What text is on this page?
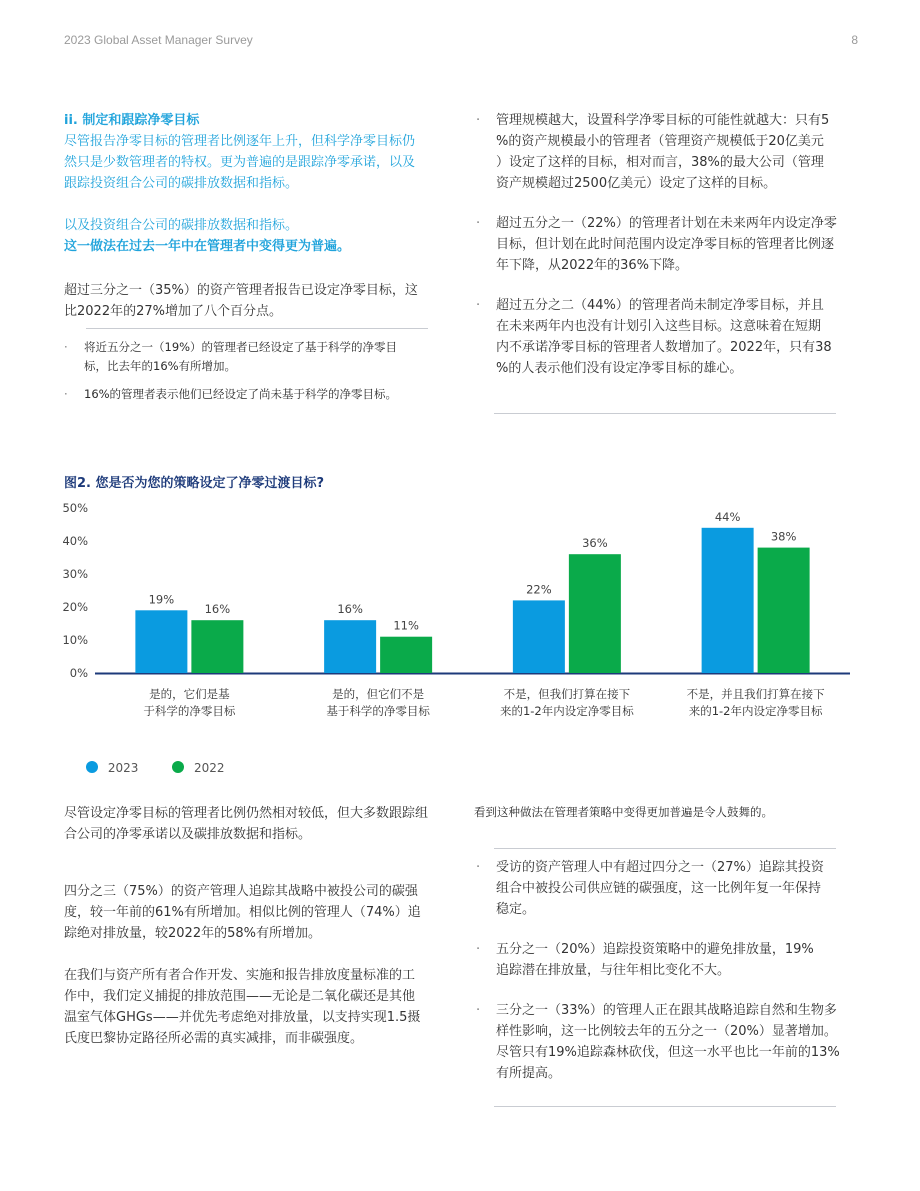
2023 Global Asset Manager Survey	8

ii. 制定和跟踪净零目标

尽管报告净零目标的管理者比例逐年上升，但科学净零目标仍

然只是少数管理者的特权。更为普遍的是跟踪净零承诺，以及

跟踪投资组合公司的碳排放数据和指标。

以及投资组合公司的碳排放数据和指标。

这一做法在过去一年中在管理者中变得更为普遍。

超过三分之一（35%）的资产管理者报告已设定净零目标，这

比2022年的27%增加了八个百分点。

· 将近五分之一（19%）的管理者已经设定了基于科学的净零目
标，比去年的16%有所增加。
· 16%的管理者表示他们已经设定了尚未基于科学的净零目标。
· 管理规模越大，设置科学净零目标的可能性就越大：只有5

%的资产规模最小的管理者（管理资产规模低于20亿美元

）设定了这样的目标，相对而言，38%的最大公司（管理

资产规模超过2500亿美元）设定了这样的目标。

· 超过五分之一（22%）的管理者计划在未来两年内设定净零

目标，但计划在此时间范围内设定净零目标的管理者比例逐

年下降，从2022年的36%下降。

· 超过五分之二（44%）的管理者尚未制定净零目标，并且

在未来两年内也没有计划引入这些目标。这意味着在短期

内不承诺净零目标的管理者人数增加了。2022年，只有38

%的人表示他们没有设定净零目标的雄心。

图2. 您是否为您的策略设定了净零过渡目标?
0%
10%
20%
30%
40%
50%
19%
16%
是的，它们是基
于科学的净零目标
16%
11%
是的，但它们不是
基于科学的净零目标
22%
36%
不是，但我们打算在接下
来的1-2年内设定净零目标
44%
38%
不是，并且我们打算在接下
来的1-2年内设定净零目标
2023	2022

尽管设定净零目标的管理者比例仍然相对较低，但大多数跟踪组

合公司的净零承诺以及碳排放数据和指标。

四分之三（75%）的资产管理人追踪其战略中被投公司的碳强

度，较一年前的61%有所增加。相似比例的管理人（74%）追

踪绝对排放量，较2022年的58%有所增加。

在我们与资产所有者合作开发、实施和报告排放度量标准的工

作中，我们定义捕捉的排放范围——无论是二氧化碳还是其他

温室气体GHGs——并优先考虑绝对排放量，以支持实现1.5摄

氏度巴黎协定路径所必需的真实减排，而非碳强度。

看到这种做法在管理者策略中变得更加普遍是令人鼓舞的。
· 受访的资产管理人中有超过四分之一（27%）追踪其投资

组合中被投公司供应链的碳强度，这一比例年复一年保持

稳定。

· 五分之一（20%）追踪投资策略中的避免排放量，19%

追踪潜在排放量，与往年相比变化不大。

· 三分之一（33%）的管理人正在跟其战略追踪自然和生物多

样性影响，这一比例较去年的五分之一（20%）显著增加。

尽管只有19%追踪森林砍伐，但这一水平也比一年前的13%

有所提高。
